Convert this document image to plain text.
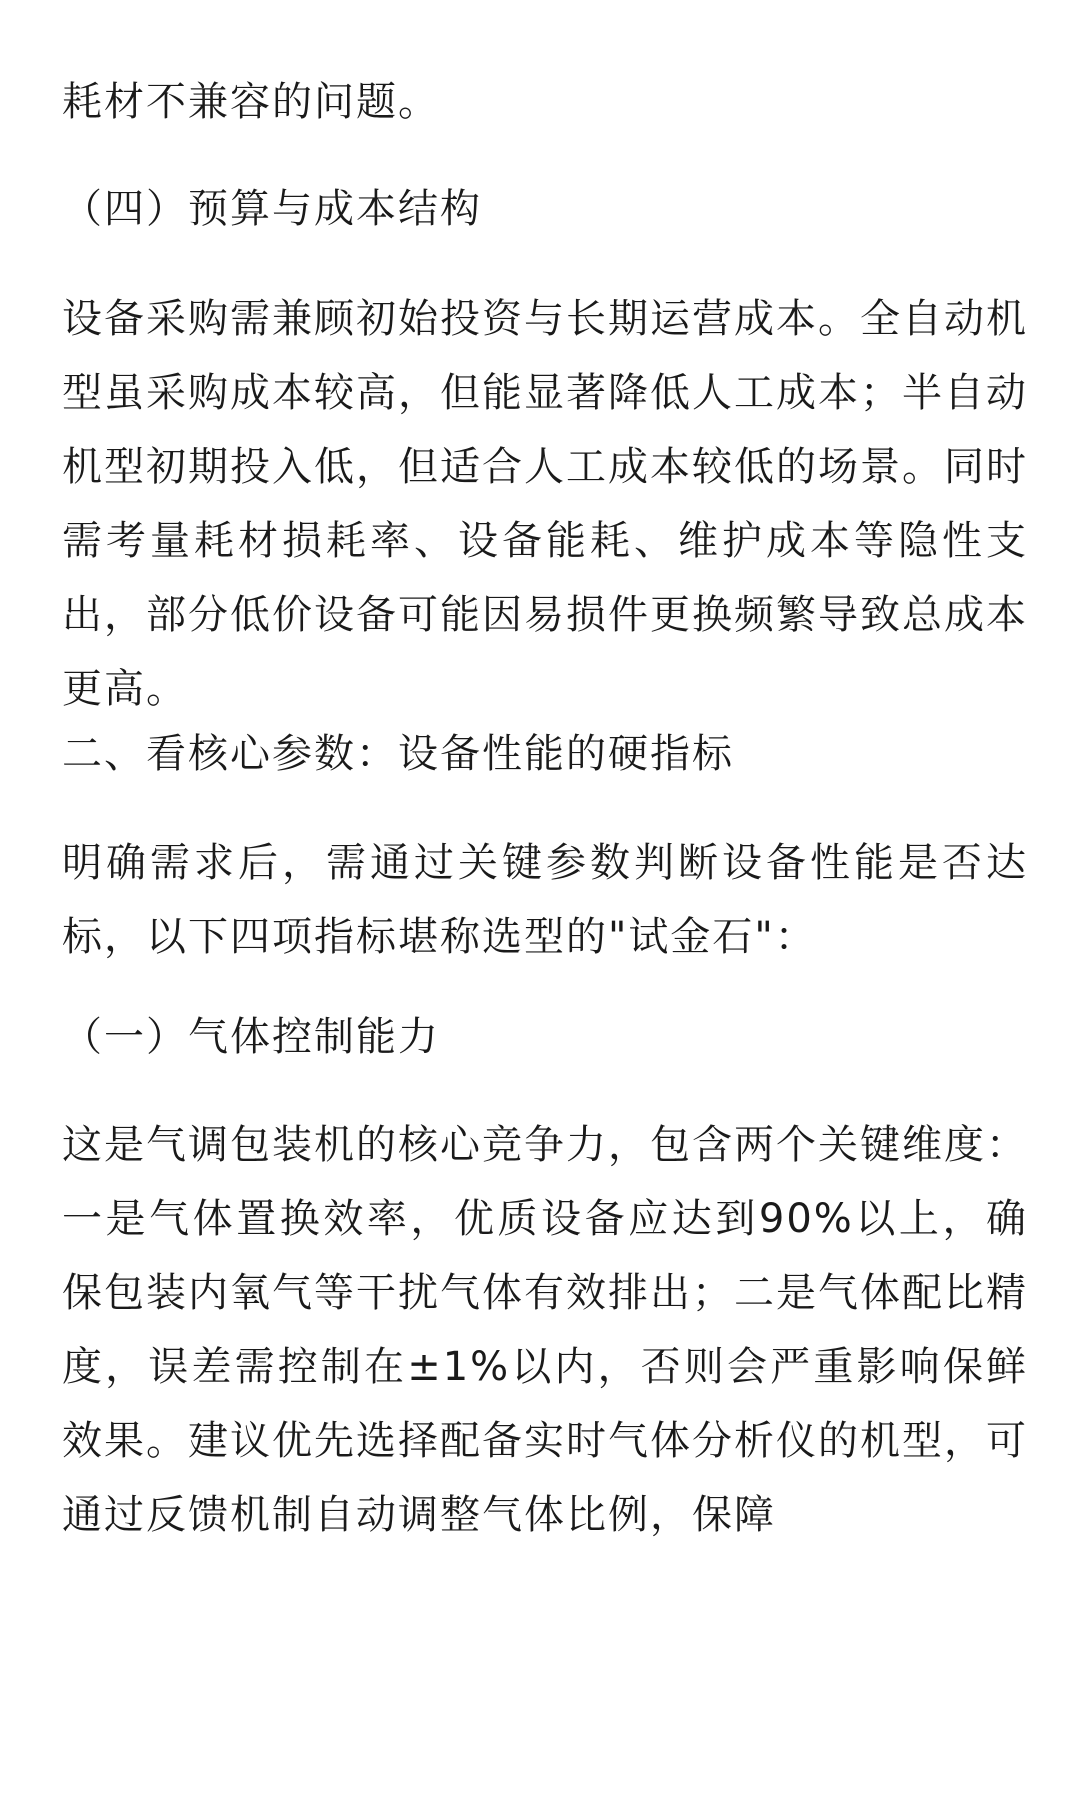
耗材不兼容的问题。

（四）预算与成本结构

设备采购需兼顾初始投资与长期运营成本。全自动机型虽采购成本较高，但能显著降低人工成本；半自动机型初期投入低，但适合人工成本较低的场景。同时需考量耗材损耗率、设备能耗、维护成本等隐性支出，部分低价设备可能因易损件更换频繁导致总成本更高。

二、看核心参数：设备性能的硬指标

明确需求后，需通过关键参数判断设备性能是否达标，以下四项指标堪称选型的"试金石"：

（一）气体控制能力

这是气调包装机的核心竞争力，包含两个关键维度：一是气体置换效率，优质设备应达到90%以上，确保包装内氧气等干扰气体有效排出；二是气体配比精度，误差需控制在±1%以内，否则会严重影响保鲜效果。建议优先选择配备实时气体分析仪的机型，可通过反馈机制自动调整气体比例，保障
